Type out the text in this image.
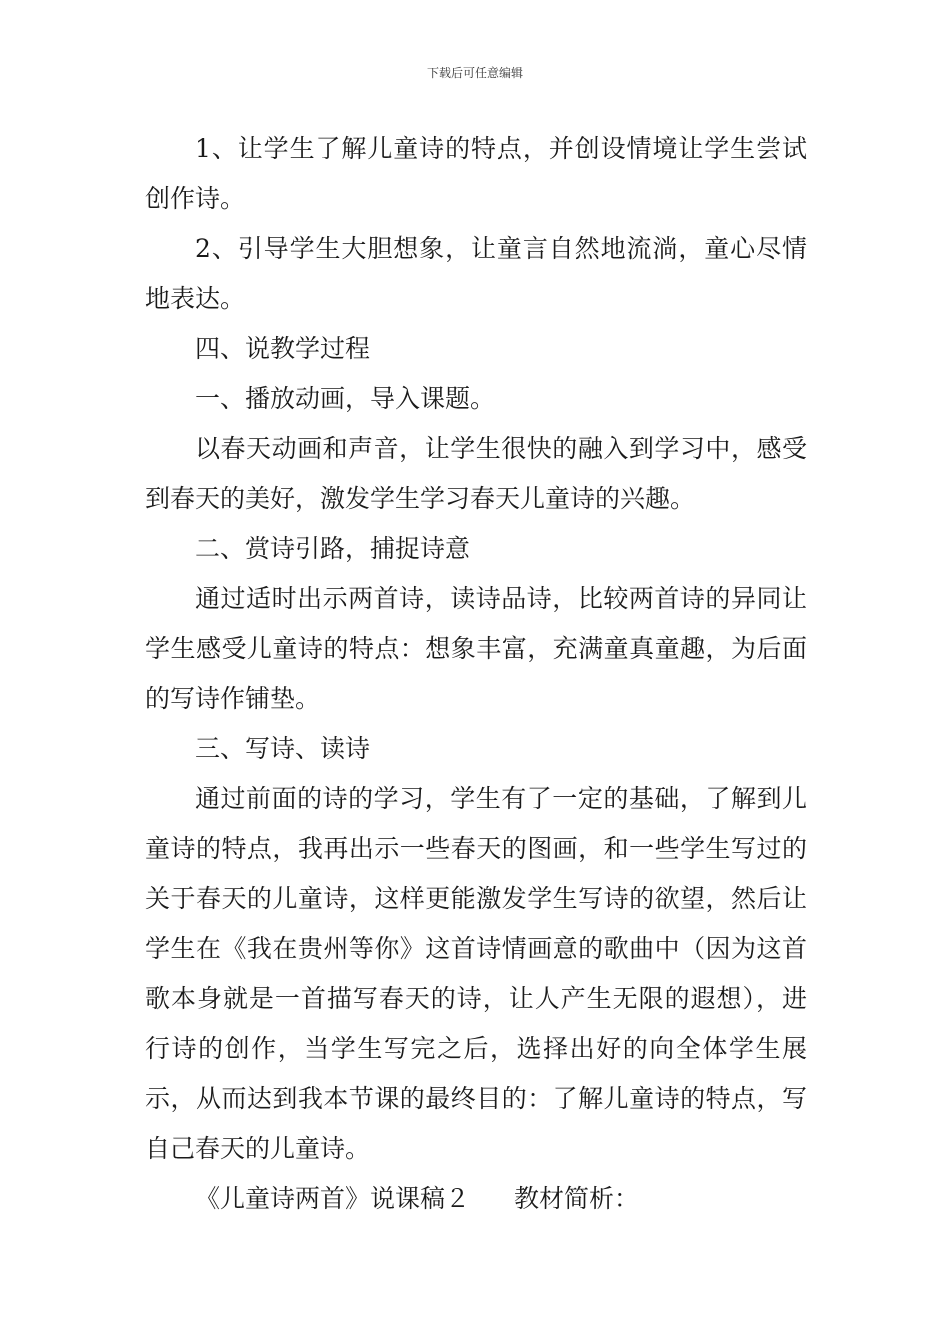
下载后可任意编辑

1、让学生了解儿童诗的特点，并创设情境让学生尝试创作诗。

2、引导学生大胆想象，让童言自然地流淌，童心尽情地表达。

四、说教学过程

一、播放动画，导入课题。

以春天动画和声音，让学生很快的融入到学习中，感受到春天的美好，激发学生学习春天儿童诗的兴趣。

二、赏诗引路，捕捉诗意

通过适时出示两首诗，读诗品诗，比较两首诗的异同让学生感受儿童诗的特点：想象丰富，充满童真童趣，为后面的写诗作铺垫。

三、写诗、读诗

通过前面的诗的学习，学生有了一定的基础，了解到儿童诗的特点，我再出示一些春天的图画，和一些学生写过的关于春天的儿童诗，这样更能激发学生写诗的欲望，然后让学生在《我在贵州等你》这首诗情画意的歌曲中（因为这首歌本身就是一首描写春天的诗，让人产生无限的遐想），进行诗的创作，当学生写完之后，选择出好的向全体学生展示，从而达到我本节课的最终目的：了解儿童诗的特点，写自己春天的儿童诗。

《儿童诗两首》说课稿２ 教材简析：
